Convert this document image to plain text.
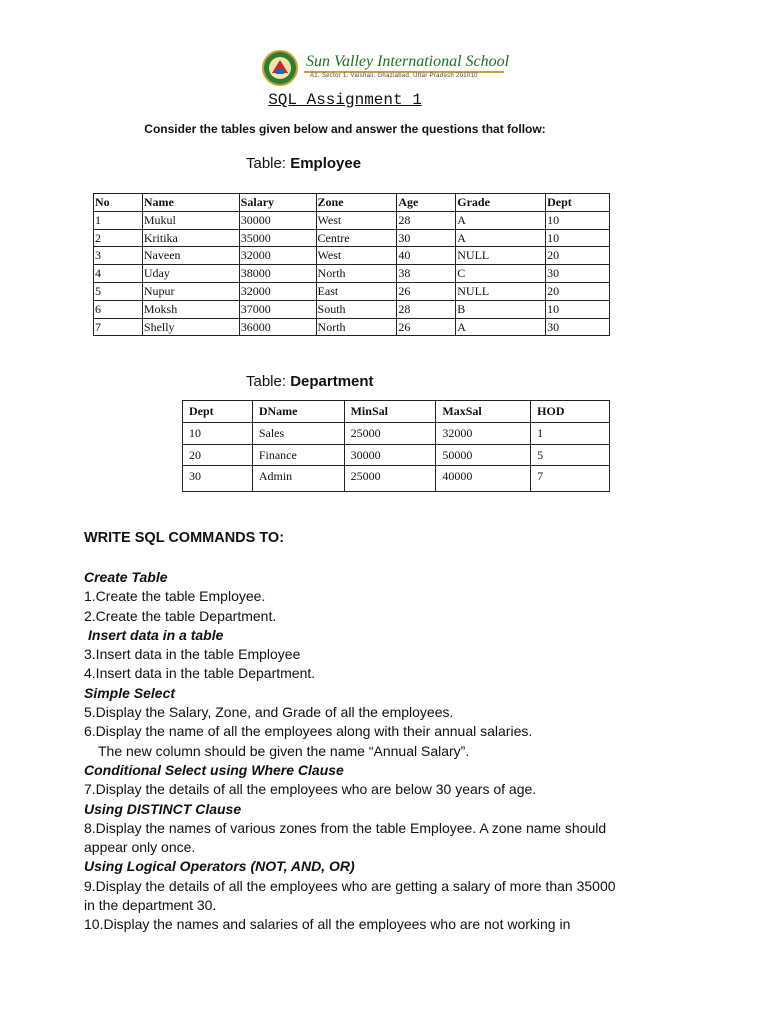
Sun Valley International School
A1, Sector 1, Vaishali, Ghaziabad, Uttar Pradesh 201010
SQL Assignment 1
Consider the tables given below and answer the questions that follow:
Table: Employee
No	Name	Salary	Zone	Age	Grade	Dept
1	Mukul	30000	West	28	A	10
2	Kritika	35000	Centre	30	A	10
3	Naveen	32000	West	40	NULL	20
4	Uday	38000	North	38	C	30
5	Nupur	32000	East	26	NULL	20
6	Moksh	37000	South	28	B	10
7	Shelly	36000	North	26	A	30
Table: Department
Dept	DName	MinSal	MaxSal	HOD
10	Sales	25000	32000	1
20	Finance	30000	50000	5
30	Admin	25000	40000	7
WRITE SQL COMMANDS TO:
Create Table
1.Create the table Employee.
2.Create the table Department.
Insert data in a table
3.Insert data in the table Employee
4.Insert data in the table Department.
Simple Select
5.Display the Salary, Zone, and Grade of all the employees.
6.Display the name of all the employees along with their annual salaries.
The new column should be given the name “Annual Salary”.
Conditional Select using Where Clause
7.Display the details of all the employees who are below 30 years of age.
Using DISTINCT Clause
8.Display the names of various zones from the table Employee. A zone name should
appear only once.
Using Logical Operators (NOT, AND, OR)
9.Display the details of all the employees who are getting a salary of more than 35000
in the department 30.
10.Display the names and salaries of all the employees who are not working in
